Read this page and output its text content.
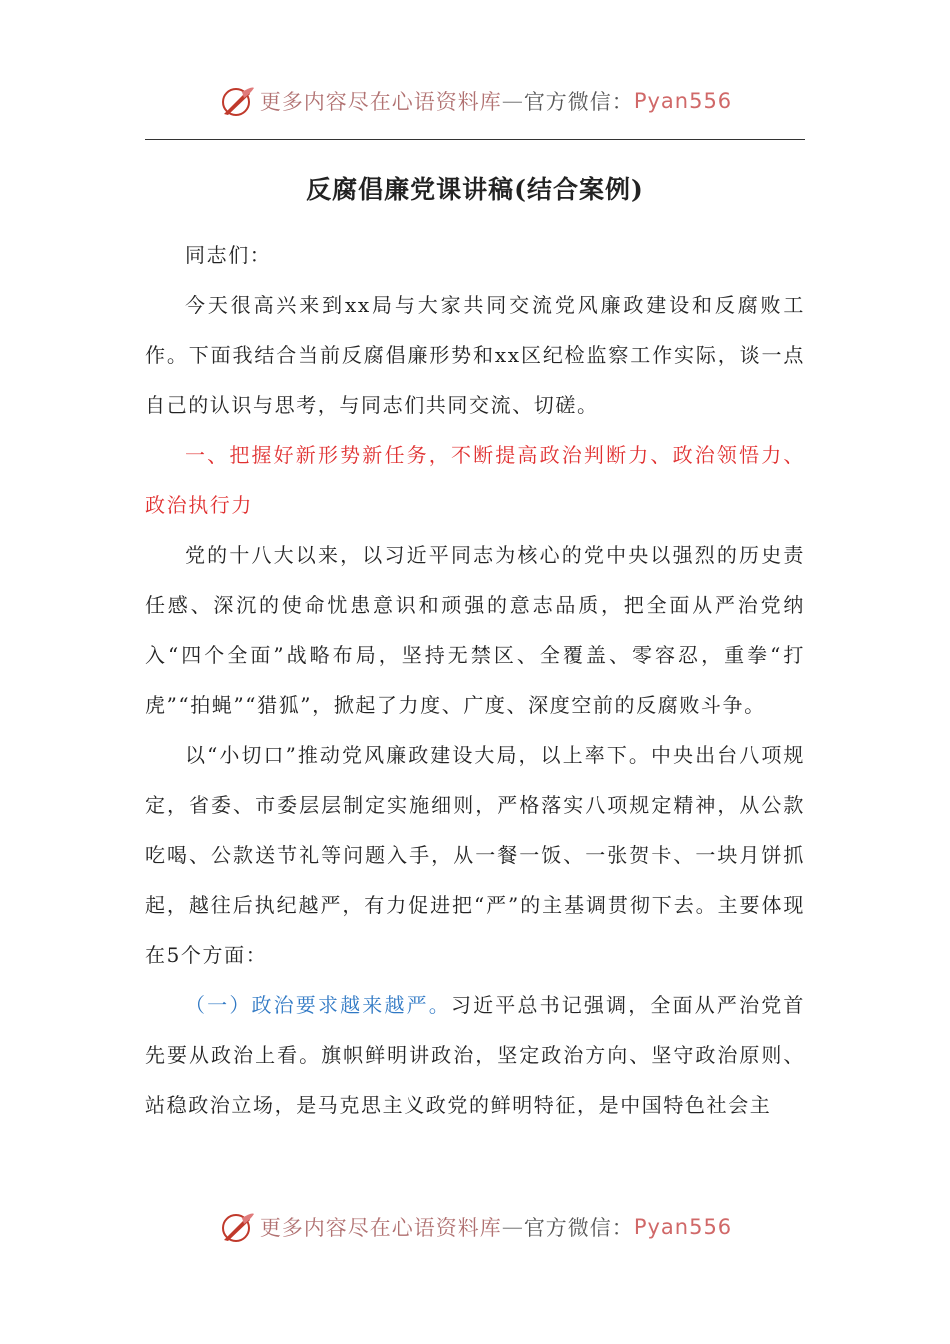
更多内容尽在心语资料库 — 官方微信： Pyan556
反腐倡廉党课讲稿(结合案例)

同志们：

今天很高兴来到xx局与大家共同交流党风廉政建设和反腐败工作。下面我结合当前反腐倡廉形势和xx区纪检监察工作实际，谈一点自己的认识与思考，与同志们共同交流、切磋。

一、把握好新形势新任务，不断提高政治判断力、政治领悟力、政治执行力

党的十八大以来，以习近平同志为核心的党中央以强烈的历史责任感、深沉的使命忧患意识和顽强的意志品质，把全面从严治党纳入“四个全面”战略布局，坚持无禁区、全覆盖、零容忍，重拳“打虎”“拍蝇”“猎狐”，掀起了力度、广度、深度空前的反腐败斗争。

以“小切口”推动党风廉政建设大局，以上率下。中央出台八项规定，省委、市委层层制定实施细则，严格落实八项规定精神，从公款吃喝、公款送节礼等问题入手，从一餐一饭、一张贺卡、一块月饼抓起，越往后执纪越严，有力促进把“严”的主基调贯彻下去。主要体现在5个方面：

（一）政治要求越来越严。习近平总书记强调，全面从严治党首先要从政治上看。旗帜鲜明讲政治，坚定政治方向、坚守政治原则、站稳政治立场，是马克思主义政党的鲜明特征，是中国特色社会主

更多内容尽在心语资料库 — 官方微信： Pyan556
